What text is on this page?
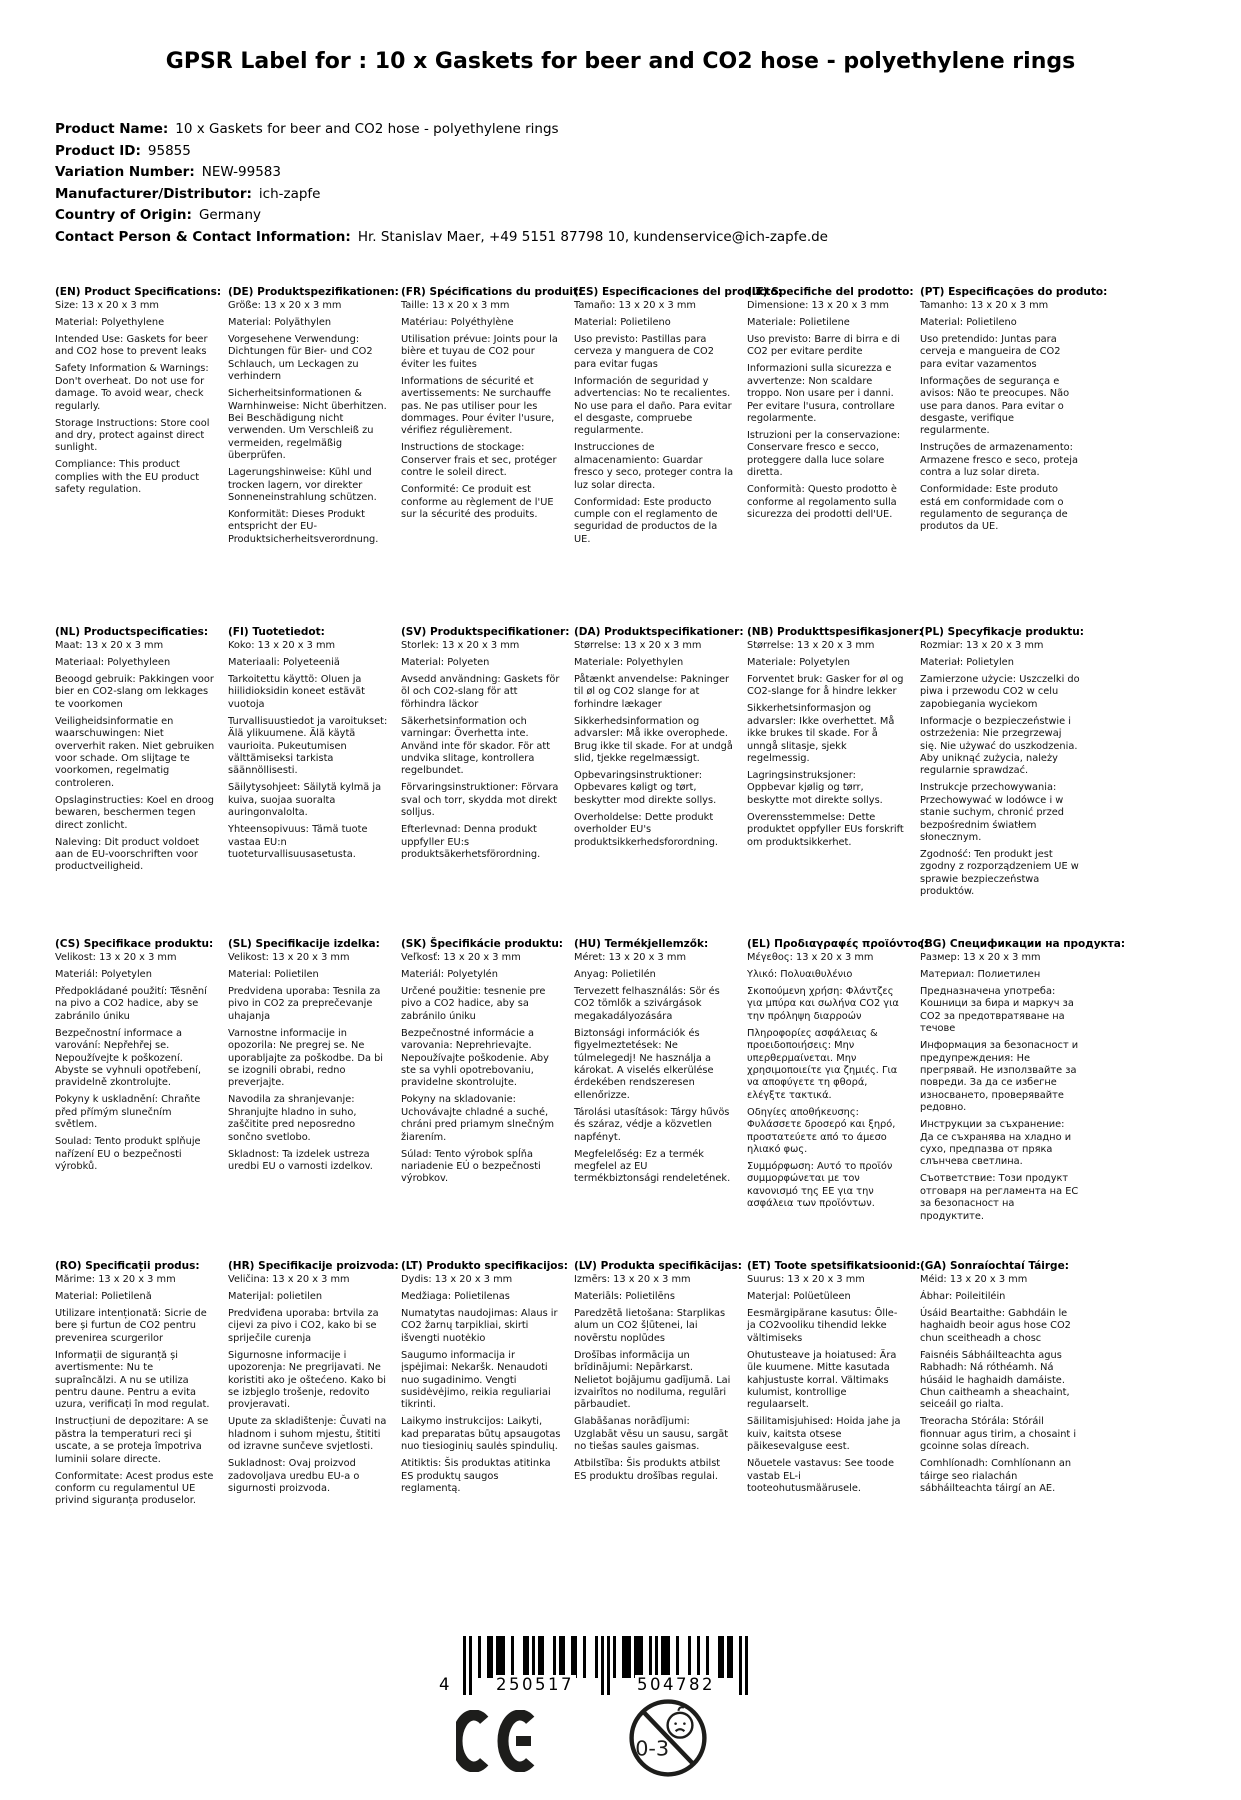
GPSR Label for : 10 x Gaskets for beer and CO2 hose - polyethylene rings
Product Name: 10 x Gaskets for beer and CO2 hose - polyethylene rings
Product ID: 95855
Variation Number: NEW-99583
Manufacturer/Distributor: ich-zapfe
Country of Origin: Germany
Contact Person & Contact Information: Hr. Stanislav Maer, +49 5151 87798 10, kundenservice@ich-zapfe.de
(EN) Product Specifications:
Size: 13 x 20 x 3 mm
Material: Polyethylene
Intended Use: Gaskets for beer and CO2 hose to prevent leaks
Safety Information & Warnings: Don't overheat. Do not use for damage. To avoid wear, check regularly.
Storage Instructions: Store cool and dry, protect against direct sunlight.
Compliance: This product complies with the EU product safety regulation.
(DE) Produktspezifikationen:
Größe: 13 x 20 x 3 mm
Material: Polyäthylen
Vorgesehene Verwendung: Dichtungen für Bier- und CO2 Schlauch, um Leckagen zu verhindern
Sicherheitsinformationen & Warnhinweise: Nicht überhitzen. Bei Beschädigung nicht verwenden. Um Verschleiß zu vermeiden, regelmäßig überprüfen.
Lagerungshinweise: Kühl und trocken lagern, vor direkter Sonneneinstrahlung schützen.
Konformität: Dieses Produkt entspricht der EU-Produktsicherheitsverordnung.
(FR) Spécifications du produit:
Taille: 13 x 20 x 3 mm
Matériau: Polyéthylène
Utilisation prévue: Joints pour la bière et tuyau de CO2 pour éviter les fuites
Informations de sécurité et avertissements: Ne surchauffe pas. Ne pas utiliser pour les dommages. Pour éviter l'usure, vérifiez régulièrement.
Instructions de stockage: Conserver frais et sec, protéger contre le soleil direct.
Conformité: Ce produit est conforme au règlement de l'UE sur la sécurité des produits.
(ES) Especificaciones del producto:
Tamaño: 13 x 20 x 3 mm
Material: Polietileno
Uso previsto: Pastillas para cerveza y manguera de CO2 para evitar fugas
Información de seguridad y advertencias: No te recalientes. No use para el daño. Para evitar el desgaste, compruebe regularmente.
Instrucciones de almacenamiento: Guardar fresco y seco, proteger contra la luz solar directa.
Conformidad: Este producto cumple con el reglamento de seguridad de productos de la UE.
(IT) Specifiche del prodotto:
Dimensione: 13 x 20 x 3 mm
Materiale: Polietilene
Uso previsto: Barre di birra e di CO2 per evitare perdite
Informazioni sulla sicurezza e avvertenze: Non scaldare troppo. Non usare per i danni. Per evitare l'usura, controllare regolarmente.
Istruzioni per la conservazione: Conservare fresco e secco, proteggere dalla luce solare diretta.
Conformità: Questo prodotto è conforme al regolamento sulla sicurezza dei prodotti dell'UE.
(PT) Especificações do produto:
Tamanho: 13 x 20 x 3 mm
Material: Polietileno
Uso pretendido: Juntas para cerveja e mangueira de CO2 para evitar vazamentos
Informações de segurança e avisos: Não te preocupes. Não use para danos. Para evitar o desgaste, verifique regularmente.
Instruções de armazenamento: Armazene fresco e seco, proteja contra a luz solar direta.
Conformidade: Este produto está em conformidade com o regulamento de segurança de produtos da UE.
(NL) Productspecificaties:
Maat: 13 x 20 x 3 mm
Materiaal: Polyethyleen
Beoogd gebruik: Pakkingen voor bier en CO2-slang om lekkages te voorkomen
Veiligheidsinformatie en waarschuwingen: Niet oververhit raken. Niet gebruiken voor schade. Om slijtage te voorkomen, regelmatig controleren.
Opslaginstructies: Koel en droog bewaren, beschermen tegen direct zonlicht.
Naleving: Dit product voldoet aan de EU-voorschriften voor productveiligheid.
(FI) Tuotetiedot:
Koko: 13 x 20 x 3 mm
Materiaali: Polyeteeniä
Tarkoitettu käyttö: Oluen ja hiilidioksidin koneet estävät vuotoja
Turvallisuustiedot ja varoitukset: Älä ylikuumene. Älä käytä vaurioita. Pukeutumisen välttämiseksi tarkista säännöllisesti.
Säilytysohjeet: Säilytä kylmä ja kuiva, suojaa suoralta auringonvalolta.
Yhteensopivuus: Tämä tuote vastaa EU:n tuoteturvallisuusasetusta.
(SV) Produktspecifikationer:
Storlek: 13 x 20 x 3 mm
Material: Polyeten
Avsedd användning: Gaskets för öl och CO2-slang för att förhindra läckor
Säkerhetsinformation och varningar: Överhetta inte. Använd inte för skador. För att undvika slitage, kontrollera regelbundet.
Förvaringsinstruktioner: Förvara sval och torr, skydda mot direkt solljus.
Efterlevnad: Denna produkt uppfyller EU:s produktsäkerhetsförordning.
(DA) Produktspecifikationer:
Størrelse: 13 x 20 x 3 mm
Materiale: Polyethylen
Påtænkt anvendelse: Pakninger til øl og CO2 slange for at forhindre lækager
Sikkerhedsinformation og advarsler: Må ikke overophede. Brug ikke til skade. For at undgå slid, tjekke regelmæssigt.
Opbevaringsinstruktioner: Opbevares køligt og tørt, beskytter mod direkte sollys.
Overholdelse: Dette produkt overholder EU's produktsikkerhedsforordning.
(NB) Produkttspesifikasjoner:
Størrelse: 13 x 20 x 3 mm
Materiale: Polyetylen
Forventet bruk: Gasker for øl og CO2-slange for å hindre lekker
Sikkerhetsinformasjon og advarsler: Ikke overhettet. Må ikke brukes til skade. For å unngå slitasje, sjekk regelmessig.
Lagringsinstruksjoner: Oppbevar kjølig og tørr, beskytte mot direkte sollys.
Overensstemmelse: Dette produktet oppfyller EUs forskrift om produktsikkerhet.
(PL) Specyfikacje produktu:
Rozmiar: 13 x 20 x 3 mm
Materiał: Polietylen
Zamierzone użycie: Uszczelki do piwa i przewodu CO2 w celu zapobiegania wyciekom
Informacje o bezpieczeństwie i ostrzeżenia: Nie przegrzewaj się. Nie używać do uszkodzenia. Aby uniknąć zużycia, należy regularnie sprawdzać.
Instrukcje przechowywania: Przechowywać w lodówce i w stanie suchym, chronić przed bezpośrednim światłem słonecznym.
Zgodność: Ten produkt jest zgodny z rozporządzeniem UE w sprawie bezpieczeństwa produktów.
(CS) Specifikace produktu:
Velikost: 13 x 20 x 3 mm
Materiál: Polyetylen
Předpokládané použití: Těsnění na pivo a CO2 hadice, aby se zabránilo úniku
Bezpečnostní informace a varování: Nepřehřej se. Nepoužívejte k poškození. Abyste se vyhnuli opotřebení, pravidelně zkontrolujte.
Pokyny k uskladnění: Chraňte před přímým slunečním světlem.
Soulad: Tento produkt splňuje nařízení EU o bezpečnosti výrobků.
(SL) Specifikacije izdelka:
Velikost: 13 x 20 x 3 mm
Material: Polietilen
Predvidena uporaba: Tesnila za pivo in CO2 za preprečevanje uhajanja
Varnostne informacije in opozorila: Ne pregrej se. Ne uporabljajte za poškodbe. Da bi se izognili obrabi, redno preverjajte.
Navodila za shranjevanje: Shranjujte hladno in suho, zaščitite pred neposredno sončno svetlobo.
Skladnost: Ta izdelek ustreza uredbi EU o varnosti izdelkov.
(SK) Špecifikácie produktu:
Veľkosť: 13 x 20 x 3 mm
Materiál: Polyetylén
Určené použitie: tesnenie pre pivo a CO2 hadice, aby sa zabránilo úniku
Bezpečnostné informácie a varovania: Neprehrievajte. Nepoužívajte poškodenie. Aby ste sa vyhli opotrebovaniu, pravidelne skontrolujte.
Pokyny na skladovanie: Uchovávajte chladné a suché, chráni pred priamym slnečným žiarením.
Súlad: Tento výrobok spĺňa nariadenie EÚ o bezpečnosti výrobkov.
(HU) Termékjellemzők:
Méret: 13 x 20 x 3 mm
Anyag: Polietilén
Tervezett felhasználás: Sör és CO2 tömlők a szivárgások megakadályozására
Biztonsági információk és figyelmeztetések: Ne túlmelegedj! Ne használja a károkat. A viselés elkerülése érdekében rendszeresen ellenőrizze.
Tárolási utasítások: Tárgy hűvös és száraz, védje a közvetlen napfényt.
Megfelelőség: Ez a termék megfelel az EU termékbiztonsági rendeletének.
(EL) Προδιαγραφές προϊόντος:
Μέγεθος: 13 x 20 x 3 mm
Υλικό: Πολυαιθυλένιο
Σκοπούμενη χρήση: Φλάντζες για μπύρα και σωλήνα CO2 για την πρόληψη διαρροών
Πληροφορίες ασφάλειας & προειδοποιήσεις: Μην υπερθερμαίνεται. Μην χρησιμοποιείτε για ζημιές. Για να αποφύγετε τη φθορά, ελέγξτε τακτικά.
Οδηγίες αποθήκευσης: Φυλάσσετε δροσερό και ξηρό, προστατεύετε από το άμεσο ηλιακό φως.
Συμμόρφωση: Αυτό το προϊόν συμμορφώνεται με τον κανονισμό της ΕΕ για την ασφάλεια των προϊόντων.
(BG) Спецификации на продукта:
Размер: 13 x 20 x 3 mm
Материал: Полиетилен
Предназначена употреба: Кошници за бира и маркуч за CO2 за предотвратяване на течове
Информация за безопасност и предупреждения: Не прегрявай. Не използвайте за повреди. За да се избегне износването, проверявайте редовно.
Инструкции за съхранение: Да се съхранява на хладно и сухо, предпазва от пряка слънчева светлина.
Съответствие: Този продукт отговаря на регламента на ЕС за безопасност на продуктите.
(RO) Specificații produs:
Mărime: 13 x 20 x 3 mm
Material: Polietilenă
Utilizare intenționată: Sicrie de bere și furtun de CO2 pentru prevenirea scurgerilor
Informații de siguranță și avertismente: Nu te supraîncălzi. A nu se utiliza pentru daune. Pentru a evita uzura, verificați în mod regulat.
Instrucțiuni de depozitare: A se păstra la temperaturi reci şi uscate, a se proteja împotriva luminii solare directe.
Conformitate: Acest produs este conform cu regulamentul UE privind siguranța produselor.
(HR) Specifikacije proizvoda:
Veličina: 13 x 20 x 3 mm
Materijal: polietilen
Predviđena uporaba: brtvila za cijevi za pivo i CO2, kako bi se spriječile curenja
Sigurnosne informacije i upozorenja: Ne pregrijavati. Ne koristiti ako je oštećeno. Kako bi se izbjeglo trošenje, redovito provjeravati.
Upute za skladištenje: Čuvati na hladnom i suhom mjestu, štititi od izravne sunčeve svjetlosti.
Sukladnost: Ovaj proizvod zadovoljava uredbu EU-a o sigurnosti proizvoda.
(LT) Produkto specifikacijos:
Dydis: 13 x 20 x 3 mm
Medžiaga: Polietilenas
Numatytas naudojimas: Alaus ir CO2 žarnų tarpikliai, skirti išvengti nuotėkio
Saugumo informacija ir įspėjimai: Nekaršk. Nenaudoti nuo sugadinimo. Vengti susidėvėjimo, reikia reguliariai tikrinti.
Laikymo instrukcijos: Laikyti, kad preparatas būtų apsaugotas nuo tiesioginių saulės spindulių.
Atitiktis: Šis produktas atitinka ES produktų saugos reglamentą.
(LV) Produkta specifikācijas:
Izmērs: 13 x 20 x 3 mm
Materiāls: Polietilēns
Paredzētā lietošana: Starplikas alum un CO2 šļūtenei, lai novērstu noplūdes
Drošības informācija un brīdinājumi: Nepārkarst. Nelietot bojājumu gadījumā. Lai izvairītos no nodiluma, regulāri pārbaudiet.
Glabāšanas norādījumi: Uzglabāt vēsu un sausu, sargāt no tiešas saules gaismas.
Atbilstība: Šis produkts atbilst ES produktu drošības regulai.
(ET) Toote spetsifikatsioonid:
Suurus: 13 x 20 x 3 mm
Materjal: Polüetüleen
Eesmärgipärane kasutus: Õlle- ja CO2vooliku tihendid lekke vältimiseks
Ohutusteave ja hoiatused: Ära üle kuumene. Mitte kasutada kahjustuste korral. Vältimaks kulumist, kontrollige regulaarselt.
Säilitamisjuhised: Hoida jahe ja kuiv, kaitsta otsese päikesevalguse eest.
Nõuetele vastavus: See toode vastab EL-i tooteohutusmäärusele.
(GA) Sonraíochtaí Táirge:
Méid: 13 x 20 x 3 mm
Ábhar: Poileitiléin
Úsáid Beartaithe: Gabhdáin le haghaidh beoir agus hose CO2 chun sceitheadh a chosc
Faisnéis Sábháilteachta agus Rabhadh: Ná róthéamh. Ná húsáid le haghaidh damáiste. Chun caitheamh a sheachaint, seiceáil go rialta.
Treoracha Stórála: Stóráil fionnuar agus tirim, a chosaint i gcoinne solas díreach.
Comhlíonadh: Comhlíonann an táirge seo rialachán sábháilteachta táirgí an AE.
4	250517	504782
0-3
